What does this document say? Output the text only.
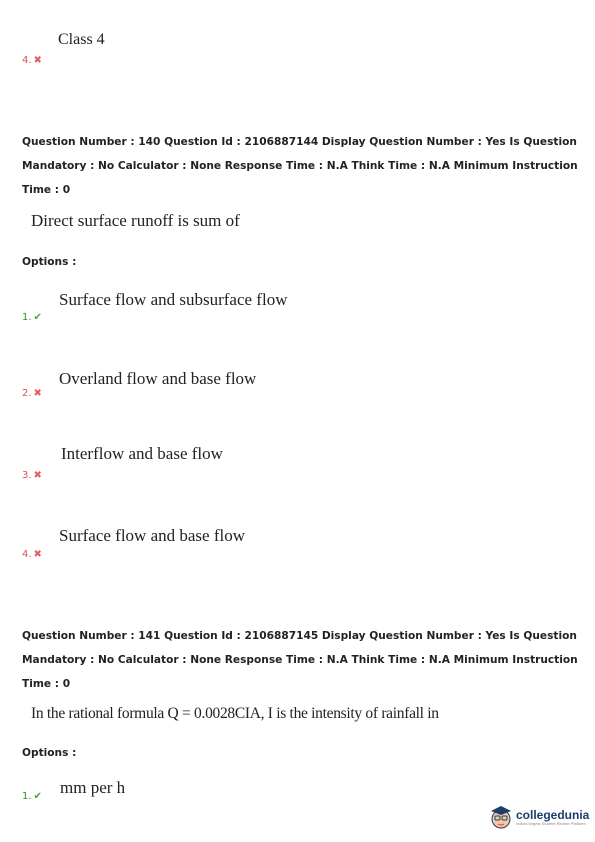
Class 4
4. ✖
Question Number : 140 Question Id : 2106887144 Display Question Number : Yes Is Question
Mandatory : No Calculator : None Response Time : N.A Think Time : N.A Minimum Instruction
Time : 0
Direct surface runoff is sum of
Options :
Surface flow and subsurface flow
1. ✔
Overland flow and base flow
2. ✖
Interflow and base flow
3. ✖
Surface flow and base flow
4. ✖
Question Number : 141 Question Id : 2106887145 Display Question Number : Yes Is Question
Mandatory : No Calculator : None Response Time : N.A Think Time : N.A Minimum Instruction
Time : 0
In the rational formula Q = 0.0028CIA, I is the intensity of rainfall in
Options :
mm per h
1. ✔
collegedunia
India's largest Student Review Platform
